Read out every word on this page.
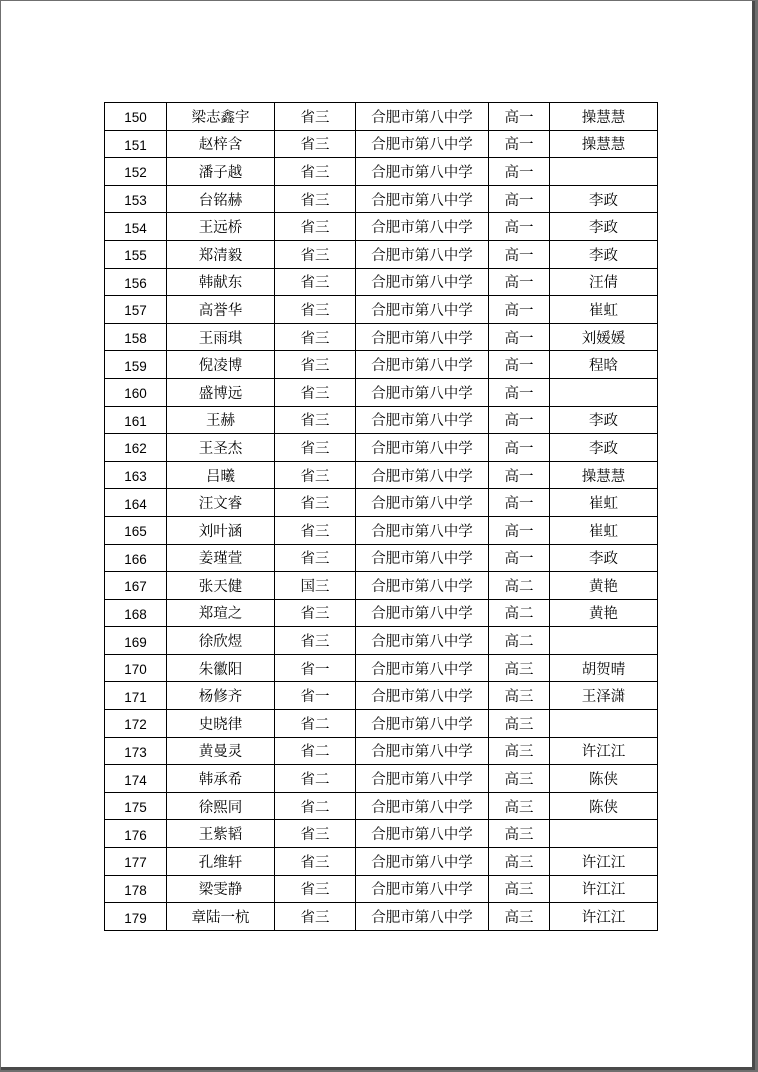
150	梁志鑫宇	省三	合肥市第八中学	高一	操慧慧
151	赵梓含	省三	合肥市第八中学	高一	操慧慧
152	潘子越	省三	合肥市第八中学	高一	
153	台铭赫	省三	合肥市第八中学	高一	李政
154	王远桥	省三	合肥市第八中学	高一	李政
155	郑清毅	省三	合肥市第八中学	高一	李政
156	韩献东	省三	合肥市第八中学	高一	汪倩
157	高誉华	省三	合肥市第八中学	高一	崔虹
158	王雨琪	省三	合肥市第八中学	高一	刘媛媛
159	倪凌博	省三	合肥市第八中学	高一	程晗
160	盛博远	省三	合肥市第八中学	高一	
161	王赫	省三	合肥市第八中学	高一	李政
162	王圣杰	省三	合肥市第八中学	高一	李政
163	吕曦	省三	合肥市第八中学	高一	操慧慧
164	汪文睿	省三	合肥市第八中学	高一	崔虹
165	刘叶涵	省三	合肥市第八中学	高一	崔虹
166	姜瑾萱	省三	合肥市第八中学	高一	李政
167	张天健	国三	合肥市第八中学	高二	黄艳
168	郑瑄之	省三	合肥市第八中学	高二	黄艳
169	徐欣煜	省三	合肥市第八中学	高二	
170	朱徽阳	省一	合肥市第八中学	高三	胡贺晴
171	杨修齐	省一	合肥市第八中学	高三	王泽潇
172	史晓律	省二	合肥市第八中学	高三	
173	黄曼灵	省二	合肥市第八中学	高三	许江江
174	韩承希	省二	合肥市第八中学	高三	陈侠
175	徐熙同	省二	合肥市第八中学	高三	陈侠
176	王紫韬	省三	合肥市第八中学	高三	
177	孔维轩	省三	合肥市第八中学	高三	许江江
178	梁雯静	省三	合肥市第八中学	高三	许江江
179	章陆一杭	省三	合肥市第八中学	高三	许江江
